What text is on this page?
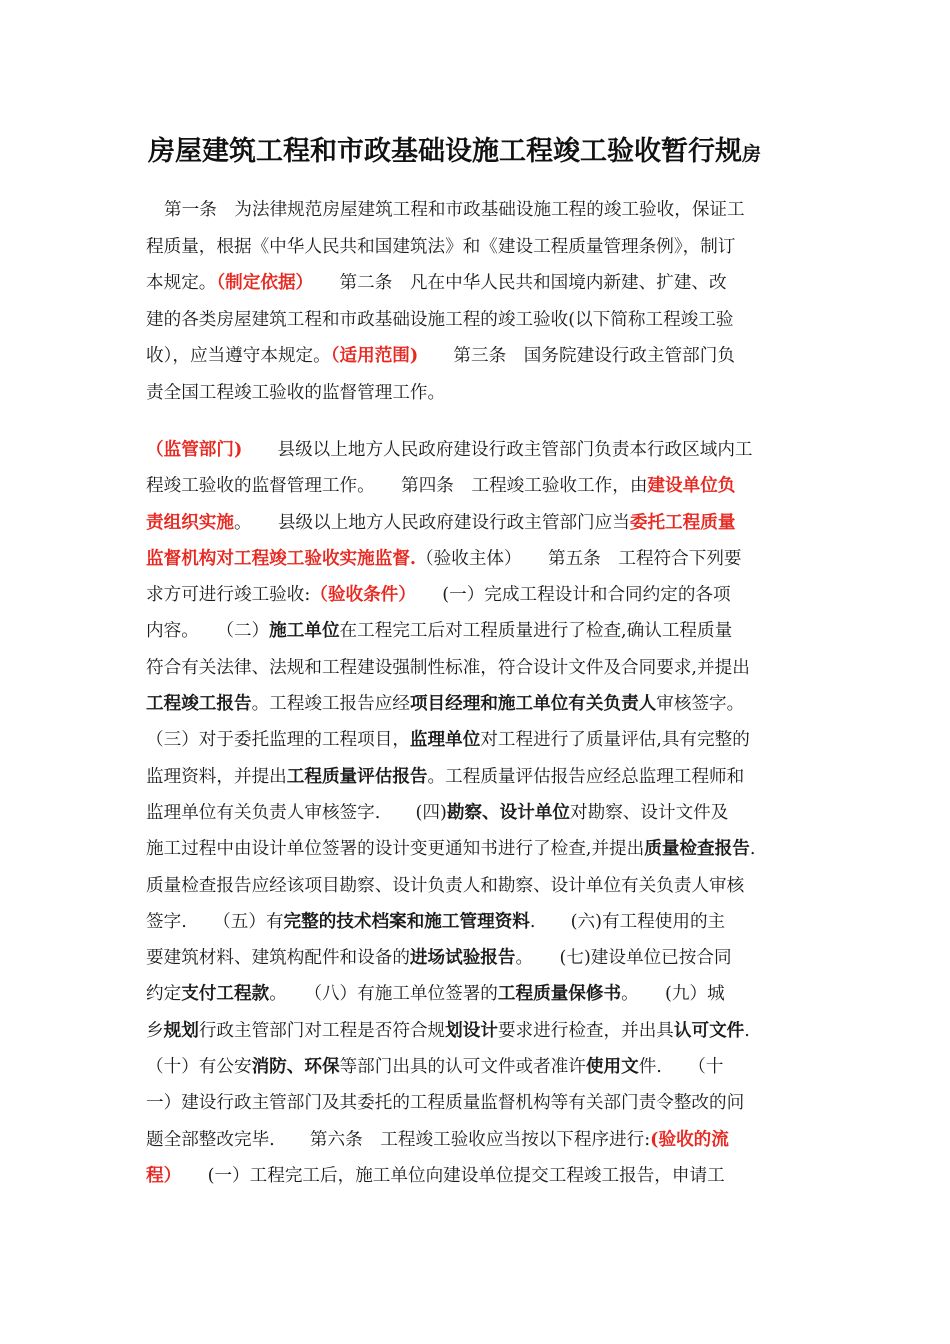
房屋建筑工程和市政基础设施工程竣工验收暂行规房
第一条　为法律规范房屋建筑工程和市政基础设施工程的竣工验收，保证工
程质量，根据《中华人民共和国建筑法》和《建设工程质量管理条例》，制订
本规定。（制定依据）　　第二条　凡在中华人民共和国境内新建、扩建、改
建的各类房屋建筑工程和市政基础设施工程的竣工验收(以下简称工程竣工验
收），应当遵守本规定。（适用范围)　　第三条　国务院建设行政主管部门负
责全国工程竣工验收的监督管理工作。
（监管部门)　　县级以上地方人民政府建设行政主管部门负责本行政区域内工
程竣工验收的监督管理工作。　　第四条　工程竣工验收工作，由建设单位负
责组织实施。　　县级以上地方人民政府建设行政主管部门应当委托工程质量
监督机构对工程竣工验收实施监督.（验收主体）　　第五条　工程符合下列要
求方可进行竣工验收:（验收条件）　　(一）完成工程设计和合同约定的各项
内容。　　（二）施工单位在工程完工后对工程质量进行了检查,确认工程质量
符合有关法律、法规和工程建设强制性标准，符合设计文件及合同要求,并提出
工程竣工报告。工程竣工报告应经项目经理和施工单位有关负责人审核签字。
（三）对于委托监理的工程项目，监理单位对工程进行了质量评估,具有完整的
监理资料，并提出工程质量评估报告。工程质量评估报告应经总监理工程师和
监理单位有关负责人审核签字.　　(四)勘察、设计单位对勘察、设计文件及
施工过程中由设计单位签署的设计变更通知书进行了检查,并提出质量检查报告.
质量检查报告应经该项目勘察、设计负责人和勘察、设计单位有关负责人审核
签字.　　（五）有完整的技术档案和施工管理资料.　　(六)有工程使用的主
要建筑材料、建筑构配件和设备的进场试验报告。　　(七)建设单位已按合同
约定支付工程款。　　（八）有施工单位签署的工程质量保修书。　　(九）城
乡规划行政主管部门对工程是否符合规划设计要求进行检查，并出具认可文件.
（十）有公安消防、环保等部门出具的认可文件或者准许使用文件.　　（十
一）建设行政主管部门及其委托的工程质量监督机构等有关部门责令整改的问
题全部整改完毕.　　第六条　工程竣工验收应当按以下程序进行:(验收的流
程）　　(一）工程完工后，施工单位向建设单位提交工程竣工报告，申请工
